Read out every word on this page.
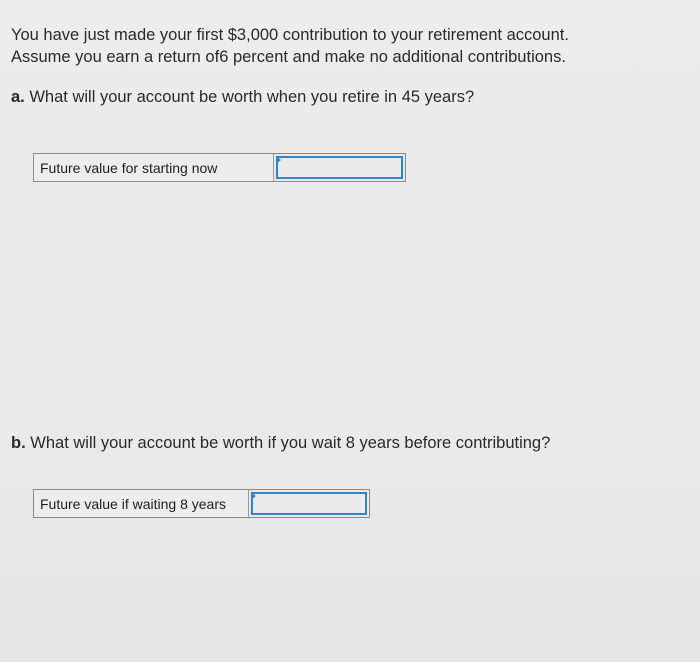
You have just made your first $3,000 contribution to your retirement account.

Assume you earn a return of6 percent and make no additional contributions.

a. What will your account be worth when you retire in 45 years?
Future value for starting now
b. What will your account be worth if you wait 8 years before contributing?
Future value if waiting 8 years
